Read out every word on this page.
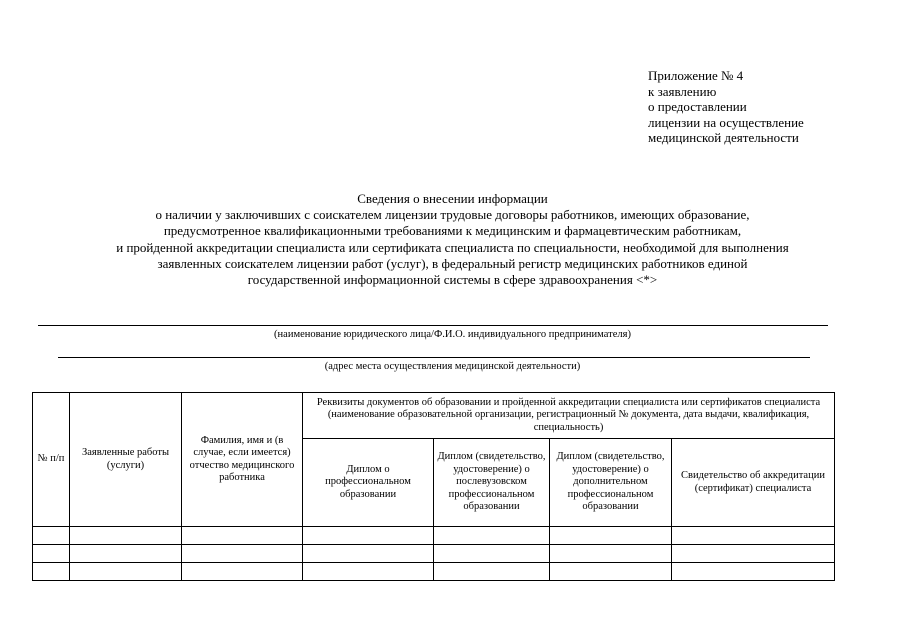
Приложение № 4
к заявлению
о предоставлении
лицензии на осуществление
медицинской деятельности
Сведения о внесении информации
о наличии у заключивших с соискателем лицензии трудовые договоры работников, имеющих образование,
предусмотренное квалификационными требованиями к медицинским и фармацевтическим работникам,
и пройденной аккредитации специалиста или сертификата специалиста по специальности, необходимой для выполнения
заявленных соискателем лицензии работ (услуг), в федеральный регистр медицинских работников единой
государственной информационной системы в сфере здравоохранения <*>
(наименование юридического лица/Ф.И.О. индивидуального предпринимателя)
(адрес места осуществления медицинской деятельности)
№ п/п	Заявленные работы (услуги)	Фамилия, имя и (в случае, если имеется) отчество медицинского работника	Реквизиты документов об образовании и пройденной аккредитации специалиста или сертификатов специалиста (наименование образовательной организации, регистрационный № документа, дата выдачи, квалификация, специальность)			
			Диплом о профессиональном образовании	Диплом (свидетельство, удостоверение) о послевузовском профессиональном образовании	Диплом (свидетельство, удостоверение) о дополнительном профессиональном образовании	Свидетельство об аккредитации (сертификат) специалиста
